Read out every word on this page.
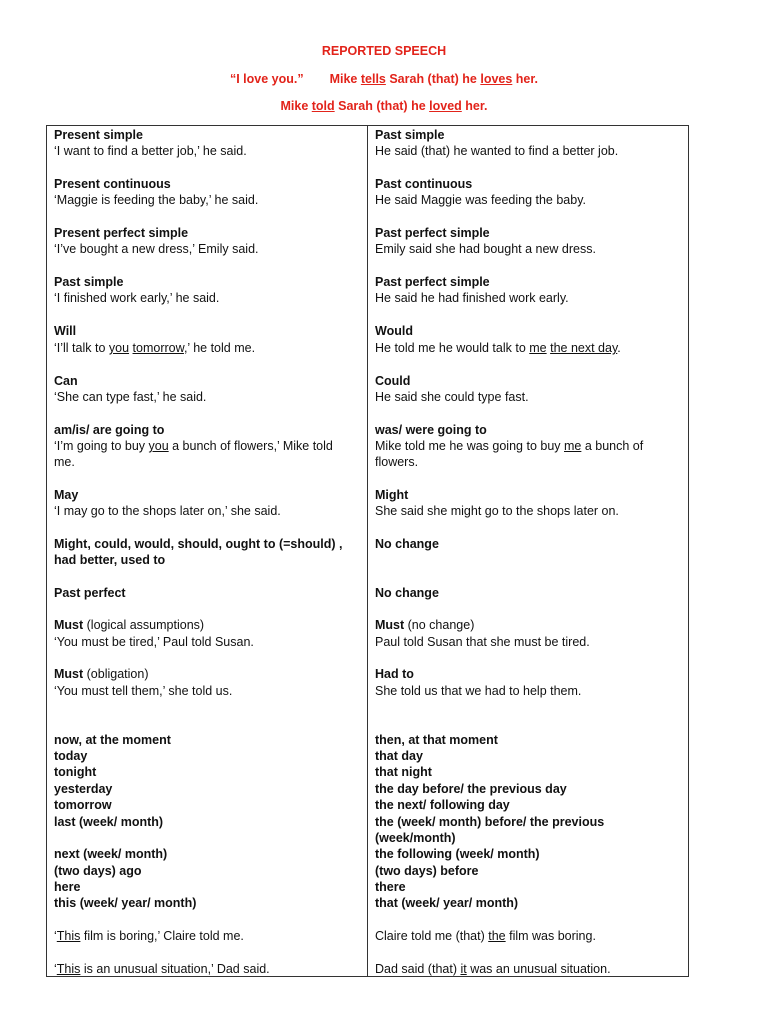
REPORTED SPEECH
“I love you.” Mike tells Sarah (that) he loves her.
Mike told Sarah (that) he loved her.
Present simple
‘I want to find a better job,’ he said.
Present continuous
‘Maggie is feeding the baby,’ he said.
Present perfect simple
‘I’ve bought a new dress,’ Emily said.
Past simple
‘I finished work early,’ he said.
Will
‘I’ll talk to you tomorrow,’ he told me.
Can
‘She can type fast,’ he said.
am/is/ are going to
‘I’m going to buy you a bunch of flowers,’ Mike told
me.
May
‘I may go to the shops later on,’ she said.
Might, could, would, should, ought to (=should) ,
had better, used to
Past perfect
Must (logical assumptions)
‘You must be tired,’ Paul told Susan.
Must (obligation)
‘You must tell them,’ she told us.
now, at the moment
today
tonight
yesterday
tomorrow
last (week/ month)
next (week/ month)
(two days) ago
here
this (week/ year/ month)
‘This film is boring,’ Claire told me.
‘This is an unusual situation,’ Dad said.
Past simple
He said (that) he wanted to find a better job.
Past continuous
He said Maggie was feeding the baby.
Past perfect simple
Emily said she had bought a new dress.
Past perfect simple
He said he had finished work early.
Would
He told me he would talk to me the next day.
Could
He said she could type fast.
was/ were going to
Mike told me he was going to buy me a bunch of
flowers.
Might
She said she might go to the shops later on.
No change
No change
Must (no change)
Paul told Susan that she must be tired.
Had to
She told us that we had to help them.
then, at that moment
that day
that night
the day before/ the previous day
the next/ following day
the (week/ month) before/ the previous
(week/month)
the following (week/ month)
(two days) before
there
that (week/ year/ month)
Claire told me (that) the film was boring.
Dad said (that) it was an unusual situation.
